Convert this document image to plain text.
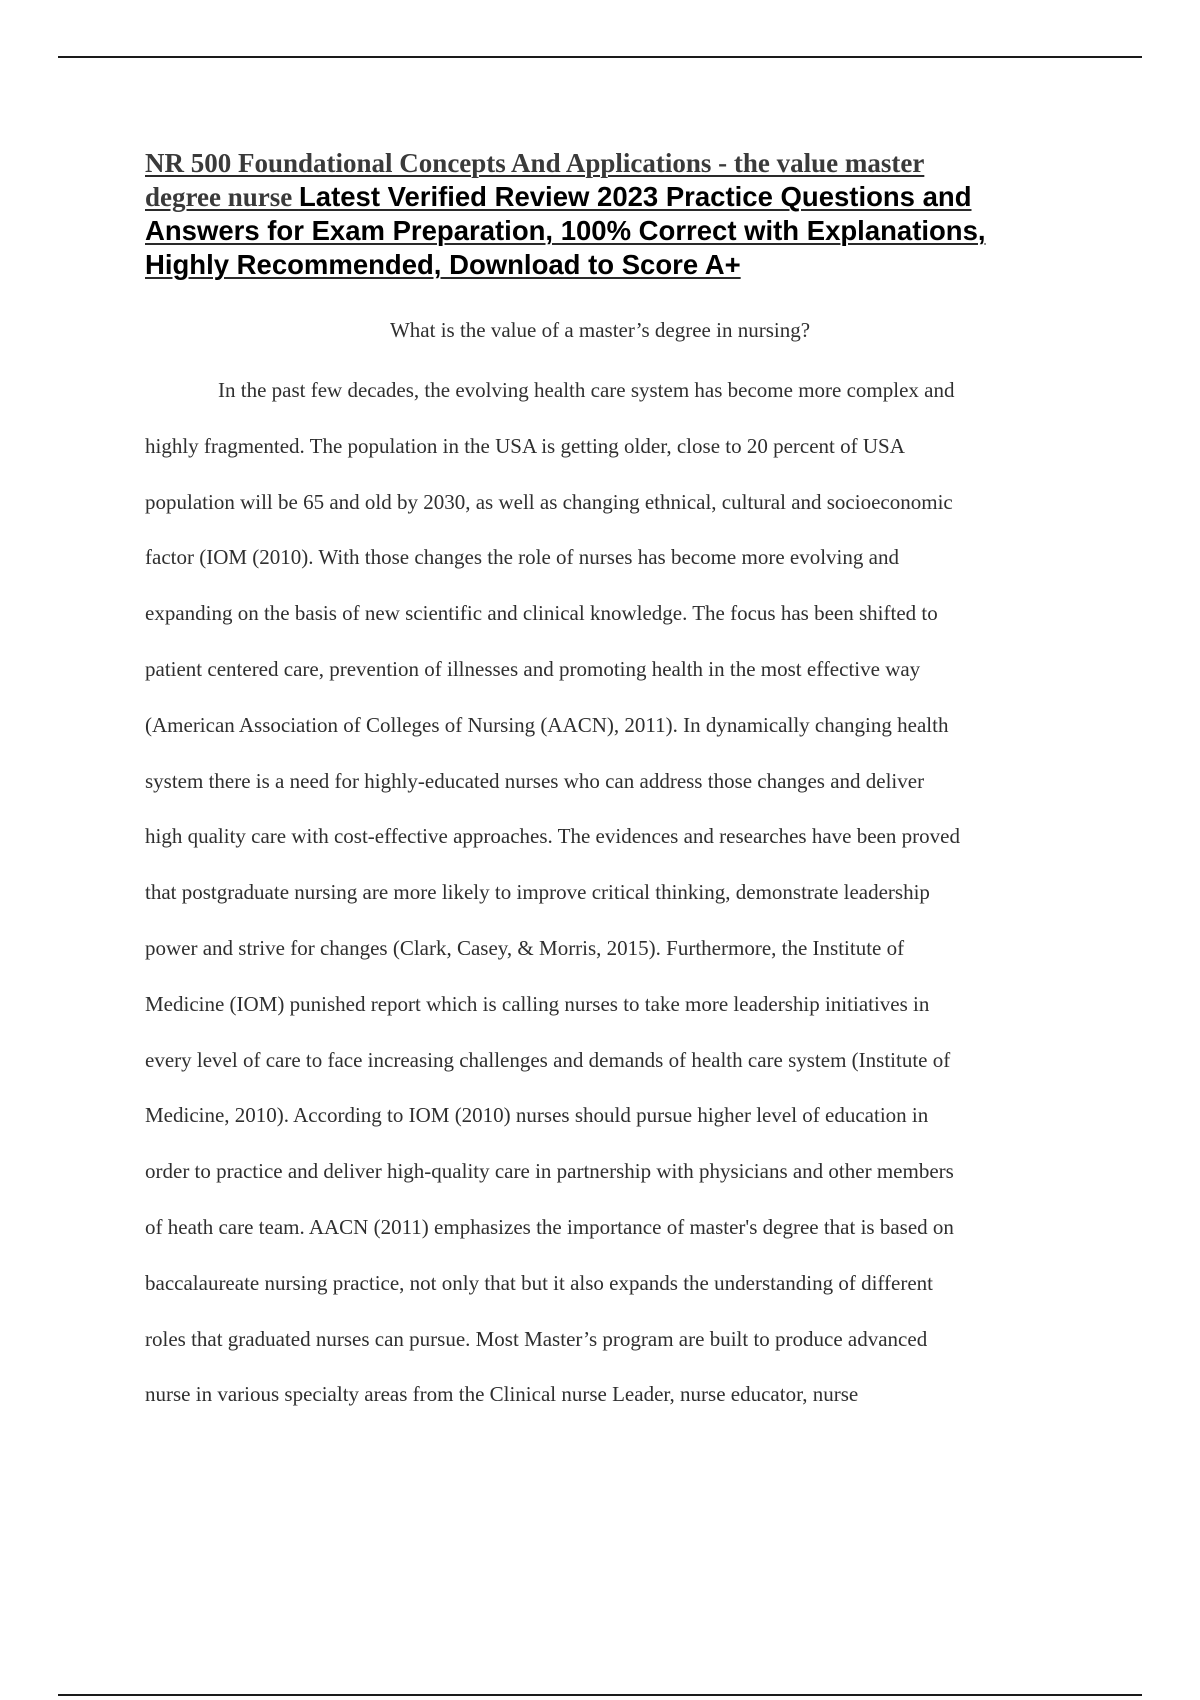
NR 500 Foundational Concepts And Applications - the value master
degree nurse Latest Verified Review 2023 Practice Questions and
Answers for Exam Preparation, 100% Correct with Explanations,
Highly Recommended, Download to Score A+
What is the value of a master’s degree in nursing?
In the past few decades, the evolving health care system has become more complex and
highly fragmented. The population in the USA is getting older, close to 20 percent of USA
population will be 65 and old by 2030, as well as changing ethnical, cultural and socioeconomic
factor (IOM (2010). With those changes the role of nurses has become more evolving and
expanding on the basis of new scientific and clinical knowledge. The focus has been shifted to
patient centered care, prevention of illnesses and promoting health in the most effective way
(American Association of Colleges of Nursing (AACN), 2011). In dynamically changing health
system there is a need for highly-educated nurses who can address those changes and deliver
high quality care with cost-effective approaches. The evidences and researches have been proved
that postgraduate nursing are more likely to improve critical thinking, demonstrate leadership
power and strive for changes (Clark, Casey, & Morris, 2015). Furthermore, the Institute of
Medicine (IOM) punished report which is calling nurses to take more leadership initiatives in
every level of care to face increasing challenges and demands of health care system (Institute of
Medicine, 2010). According to IOM (2010) nurses should pursue higher level of education in
order to practice and deliver high-quality care in partnership with physicians and other members
of heath care team. AACN (2011) emphasizes the importance of master's degree that is based on
baccalaureate nursing practice, not only that but it also expands the understanding of different
roles that graduated nurses can pursue. Most Master’s program are built to produce advanced
nurse in various specialty areas from the Clinical nurse Leader, nurse educator, nurse
